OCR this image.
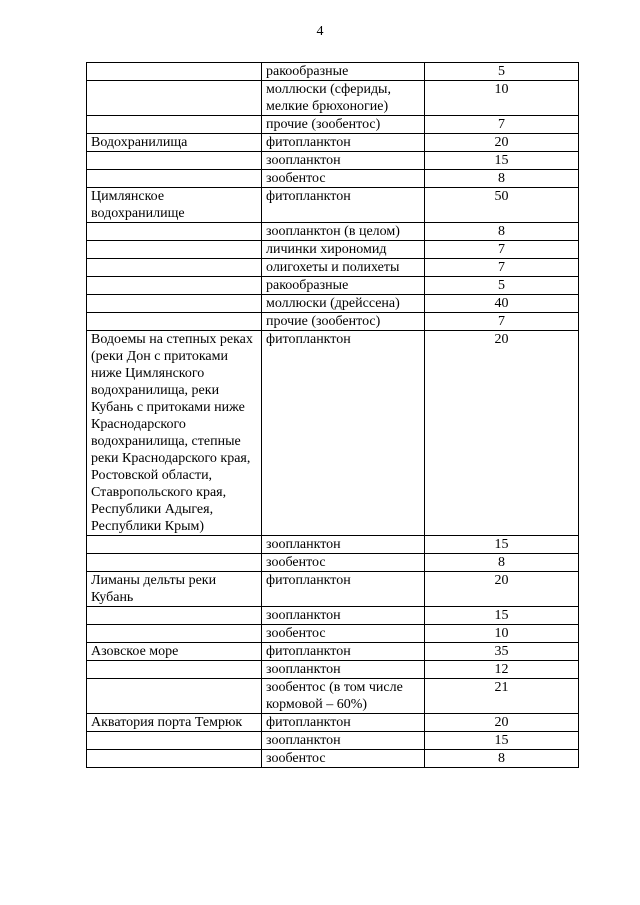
4
	ракообразные	5
	моллюски (сфериды, мелкие брюхоногие)	10
	прочие (зообентос)	7
Водохранилища	фитопланктон	20
	зоопланктон	15
	зообентос	8
Цимлянское водохранилище	фитопланктон	50
	зоопланктон (в целом)	8
	личинки хирономид	7
	олигохеты и полихеты	7
	ракообразные	5
	моллюски (дрейссена)	40
	прочие (зообентос)	7
Водоемы на степных реках (реки Дон с притоками ниже Цимлянского водохранилища, реки Кубань с притоками ниже Краснодарского водохранилища, степные реки Краснодарского края, Ростовской области, Ставропольского края, Республики Адыгея, Республики Крым)	фитопланктон	20
	зоопланктон	15
	зообентос	8
Лиманы дельты реки Кубань	фитопланктон	20
	зоопланктон	15
	зообентос	10
Азовское море	фитопланктон	35
	зоопланктон	12
	зообентос (в том числе кормовой – 60%)	21
Акватория порта Темрюк	фитопланктон	20
	зоопланктон	15
	зообентос	8
